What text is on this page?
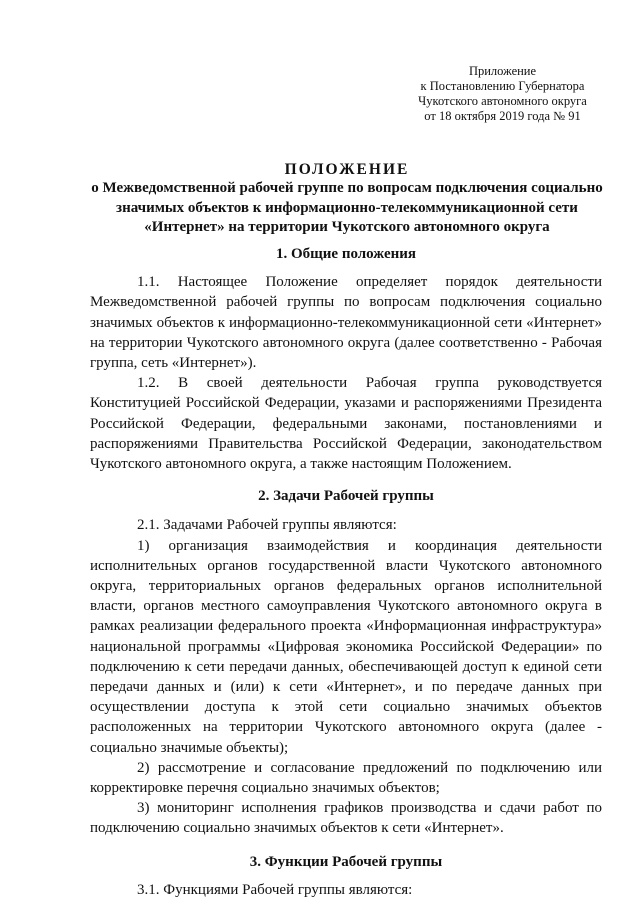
Приложение
к Постановлению Губернатора
Чукотского автономного округа
от 18 октября 2019 года № 91
ПОЛОЖЕНИЕ
о Межведомственной рабочей группе по вопросам подключения социально значимых объектов к информационно-телекоммуникационной сети «Интернет» на территории Чукотского автономного округа
1. Общие положения

1.1. Настоящее Положение определяет порядок деятельности Межведомственной рабочей группы по вопросам подключения социально значимых объектов к информационно-телекоммуникационной сети «Интернет» на территории Чукотского автономного округа (далее соответственно - Рабочая группа, сеть «Интернет»).

1.2. В своей деятельности Рабочая группа руководствуется Конституцией Российской Федерации, указами и распоряжениями Президента Российской Федерации, федеральными законами, постановлениями и распоряжениями Правительства Российской Федерации, законодательством Чукотского автономного округа, а также настоящим Положением.

2. Задачи Рабочей группы

2.1. Задачами Рабочей группы являются:

1) организация взаимодействия и координация деятельности исполнительных органов государственной власти Чукотского автономного округа, территориальных органов федеральных органов исполнительной власти, органов местного самоуправления Чукотского автономного округа в рамках реализации федерального проекта «Информационная инфраструктура» национальной программы «Цифровая экономика Российской Федерации» по подключению к сети передачи данных, обеспечивающей доступ к единой сети передачи данных и (или) к сети «Интернет», и по передаче данных при осуществлении доступа к этой сети социально значимых объектов расположенных на территории Чукотского автономного округа (далее - социально значимые объекты);

2) рассмотрение и согласование предложений по подключению или корректировке перечня социально значимых объектов;

3) мониторинг исполнения графиков производства и сдачи работ по подключению социально значимых объектов к сети «Интернет».

3. Функции Рабочей группы

3.1. Функциями Рабочей группы являются:
